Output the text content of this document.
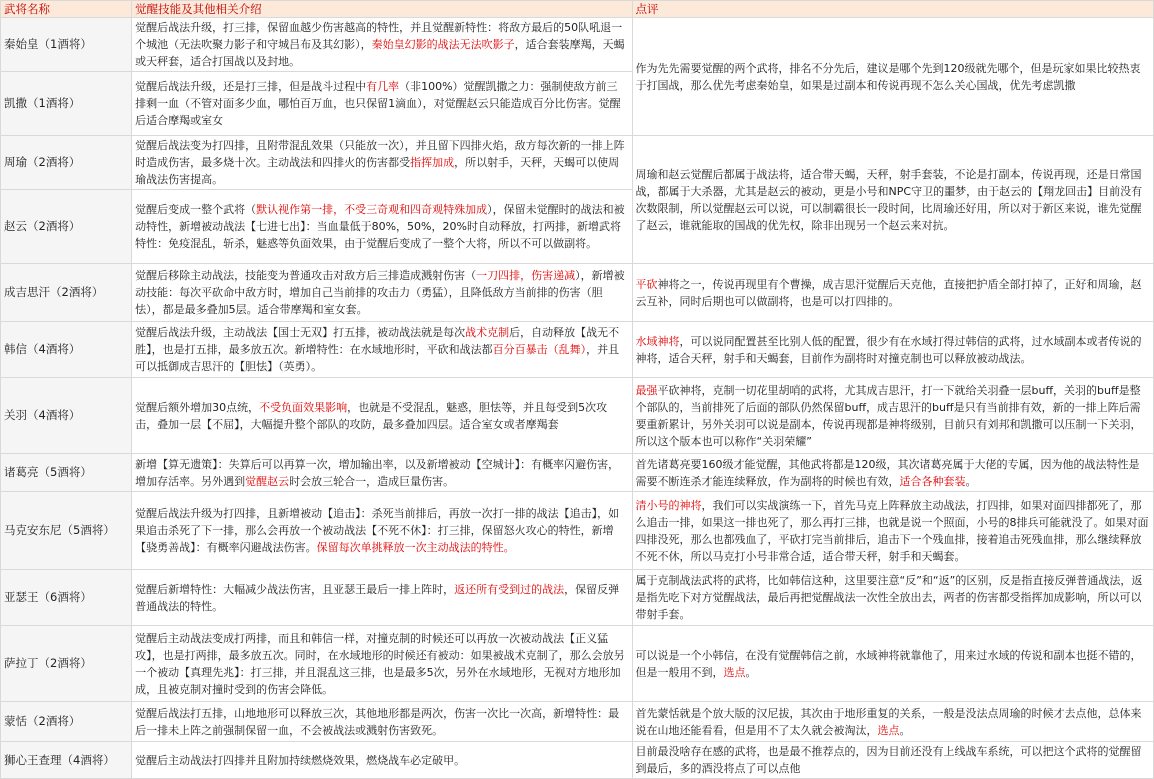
武将名称	觉醒技能及其他相关介绍	点评
秦始皇（1酒将）	觉醒后战法升级，打三排，保留血越少伤害越高的特性，并且觉醒新特性：将敌方最后的50队吼退一个城池（无法吹聚力影子和守城吕布及其幻影），秦始皇幻影的战法无法吹影子，适合套装摩羯，天蝎或天秤套，适合打国战以及封地。	作为先先需要觉醒的两个武将，排名不分先后，建议是哪个先到120级就先哪个，但是玩家如果比较热衷于打国战，那么优先考虑秦始皇，如果是过副本和传说再现不怎么关心国战，优先考虑凯撒
凯撒（1酒将）	觉醒后战法升级，还是打三排，但是战斗过程中有几率（非100%）觉醒凯撒之力：强制使敌方前三排剩一血（不管对面多少血，哪怕百万血，也只保留1滴血），对觉醒赵云只能造成百分比伤害。觉醒后适合摩羯或室女	
周瑜（2酒将）	觉醒后战法变为打四排，且附带混乱效果（只能放一次），并且留下四排火焰，敌方每次新的一排上阵时造成伤害，最多烧十次。主动战法和四排火的伤害都受指挥加成，所以射手，天秤，天蝎可以使周瑜战法伤害提高。	周瑜和赵云觉醒后都属于战法将，适合带天蝎，天秤，射手套装，不论是打副本，传说再现，还是日常国战，都属于大杀器，尤其是赵云的被动，更是小号和NPC守卫的噩梦，由于赵云的【翔龙回击】目前没有次数限制，所以觉醒赵云可以说，可以制霸很长一段时间，比周瑜还好用，所以对于新区来说，谁先觉醒了赵云，谁就能取的国战的优先权，除非出现另一个赵云来对抗。
赵云（2酒将）	觉醒后变成一整个武将（默认视作第一排，不受三奇观和四奇观特殊加成），保留未觉醒时的战法和被动特性，新增被动战法【七进七出】：当血量低于80%，50%，20%时自动释放，打两排，新增武将特性：免疫混乱，斩杀，魅惑等负面效果，由于觉醒后变成了一整个大将，所以不可以做副将。	
成吉思汗（2酒将）	觉醒后移除主动战法，技能变为普通攻击对敌方后三排造成溅射伤害（一刀四排，伤害递减），新增被动技能：每次平砍命中敌方时，增加自己当前排的攻击力（勇猛），且降低敌方当前排的伤害（胆怯），都是最多叠加5层。适合带摩羯和室女套。	平砍神将之一，传说再现里有个曹操，成吉思汗觉醒后天克他，直接把护盾全部打掉了，正好和周瑜，赵云互补，同时后期也可以做副将，也是可以打四排的。
韩信（4酒将）	觉醒后战法升级，主动战法【国士无双】打五排，被动战法就是每次战术克制后，自动释放【战无不胜】，也是打五排，最多放五次。新增特性：在水域地形时，平砍和战法都百分百暴击（乱舞），并且可以抵御成吉思汗的【胆怯】（英勇）。	水域神将，可以说同配置甚至比别人低的配置，很少有在水域打得过韩信的武将，过水域副本或者传说的神将，适合天秤，射手和天蝎套，目前作为副将时对撞克制也可以释放被动战法。
关羽（4酒将）	觉醒后额外增加30点统，不受负面效果影响，也就是不受混乱，魅惑，胆怯等，并且每受到5次攻击，叠加一层【不屈】，大幅提升整个部队的攻防，最多叠加四层。适合室女或者摩羯套	最强平砍神将，克制一切花里胡哨的武将，尤其成吉思汗，打一下就给关羽叠一层buff，关羽的buff是整个部队的，当前排死了后面的部队仍然保留buff，成吉思汗的buff是只有当前排有效，新的一排上阵后需要重新累计，另外关羽可以说是副本，传说再现都是神将级别，目前只有刘邦和凯撒可以压制一下关羽，所以这个版本也可以称作“关羽荣耀”
诸葛亮（5酒将）	新增【算无遗策】：失算后可以再算一次，增加输出率，以及新增被动【空城计】：有概率闪避伤害，增加存活率。另外遇到觉醒赵云时会放三轮合一，造成巨量伤害。	首先诸葛亮要160级才能觉醒，其他武将都是120级，其次诸葛亮属于大佬的专属，因为他的战法特性是需要不断连杀才能连续释放，作为副将的时候也有效，适合各种套装。
马克安东尼（5酒将）	觉醒后战法升级为打四排，且新增被动【追击】：杀死当前排后，再放一次打一排的战法【追击】，如果追击杀死了下一排，那么会再放一个被动战法【不死不休】：打三排，保留怒火攻心的特性，新增【骁勇善战】：有概率闪避战法伤害。保留每次单挑释放一次主动战法的特性。	清小号的神将，我们可以实战演练一下，首先马克上阵释放主动战法，打四排，如果对面四排都死了，那么追击一排，如果这一排也死了，那么再打三排，也就是说一个照面，小号的8排兵可能就没了。如果对面四排没死，那么也都残血了，平砍打完当前排后，追击下一个残血排，接着追击死残血排，那么继续释放不死不休，所以马克打小号非常合适，适合带天秤，射手和天蝎套。
亚瑟王（6酒将）	觉醒后新增特性：大幅减少战法伤害，且亚瑟王最后一排上阵时，返还所有受到过的战法，保留反弹普通战法的特性。	属于克制战法武将的武将，比如韩信这种，这里要注意“反”和“返”的区别，反是指直接反弹普通战法，返是指先吃下对方觉醒战法，最后再把觉醒战法一次性全放出去，两者的伤害都受指挥加成影响，所以可以带射手套。
萨拉丁（2酒将）	觉醒后主动战法变成打两排，而且和韩信一样，对撞克制的时候还可以再放一次被动战法【正义猛攻】，也是打两排，最多放五次。同时，在水域地形的时候还有被动：如果被战术克制了，那么会放另一个被动【真理先兆】：打三排，并且混乱这三排，也是最多5次，另外在水域地形，无视对方地形加成，且被克制对撞时受到的伤害会降低。	可以说是一个小韩信，在没有觉醒韩信之前，水域神将就靠他了，用来过水域的传说和副本也挺不错的，但是一般用不到，选点。
蒙恬（2酒将）	觉醒后战法打五排，山地地形可以释放三次，其他地形都是两次，伤害一次比一次高，新增特性：最后一排未上阵之前强制保留一血，不会被战法或溅射伤害致死。	首先蒙恬就是个放大版的汉尼拔，其次由于地形重复的关系，一般是没法点周瑜的时候才去点他，总体来说在山地还能看看，但是用不了太久就会被淘汰，选点。
狮心王查理（4酒将）	觉醒后主动战法打四排并且附加持续燃烧效果，燃烧战车必定破甲。	目前最没啥存在感的武将，也是最不推荐点的，因为目前还没有上线战车系统，可以把这个武将的觉醒留到最后，多的酒没将点了可以点他
